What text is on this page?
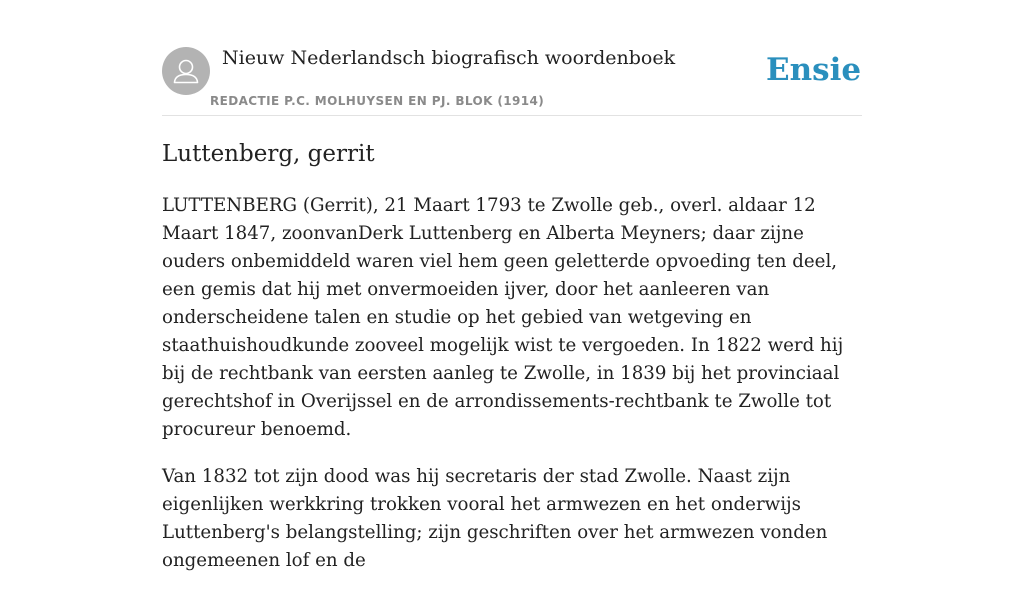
Nieuw Nederlandsch biografisch woordenboek
REDACTIE P.C. MOLHUYSEN EN PJ. BLOK (1914)
Ensie
Luttenberg, gerrit

LUTTENBERG (Gerrit), 21 Maart 1793 te Zwolle geb., overl. aldaar 12 Maart 1847, zoonvanDerk Luttenberg en Alberta Meyners; daar zijne ouders onbemiddeld waren viel hem geen geletterde opvoeding ten deel, een gemis dat hij met onvermoeiden ijver, door het aanleeren van onderscheidene talen en studie op het gebied van wetgeving en staathuishoudkunde zooveel mogelijk wist te vergoeden. In 1822 werd hij bij de rechtbank van eersten aanleg te Zwolle, in 1839 bij het provinciaal gerechtshof in Overijssel en de arrondissements-rechtbank te Zwolle tot procureur benoemd.

Van 1832 tot zijn dood was hij secretaris der stad Zwolle. Naast zijn eigenlijken werkkring trokken vooral het armwezen en het onderwijs Luttenberg's belangstelling; zijn geschriften over het armwezen vonden ongemeenen lof en de
